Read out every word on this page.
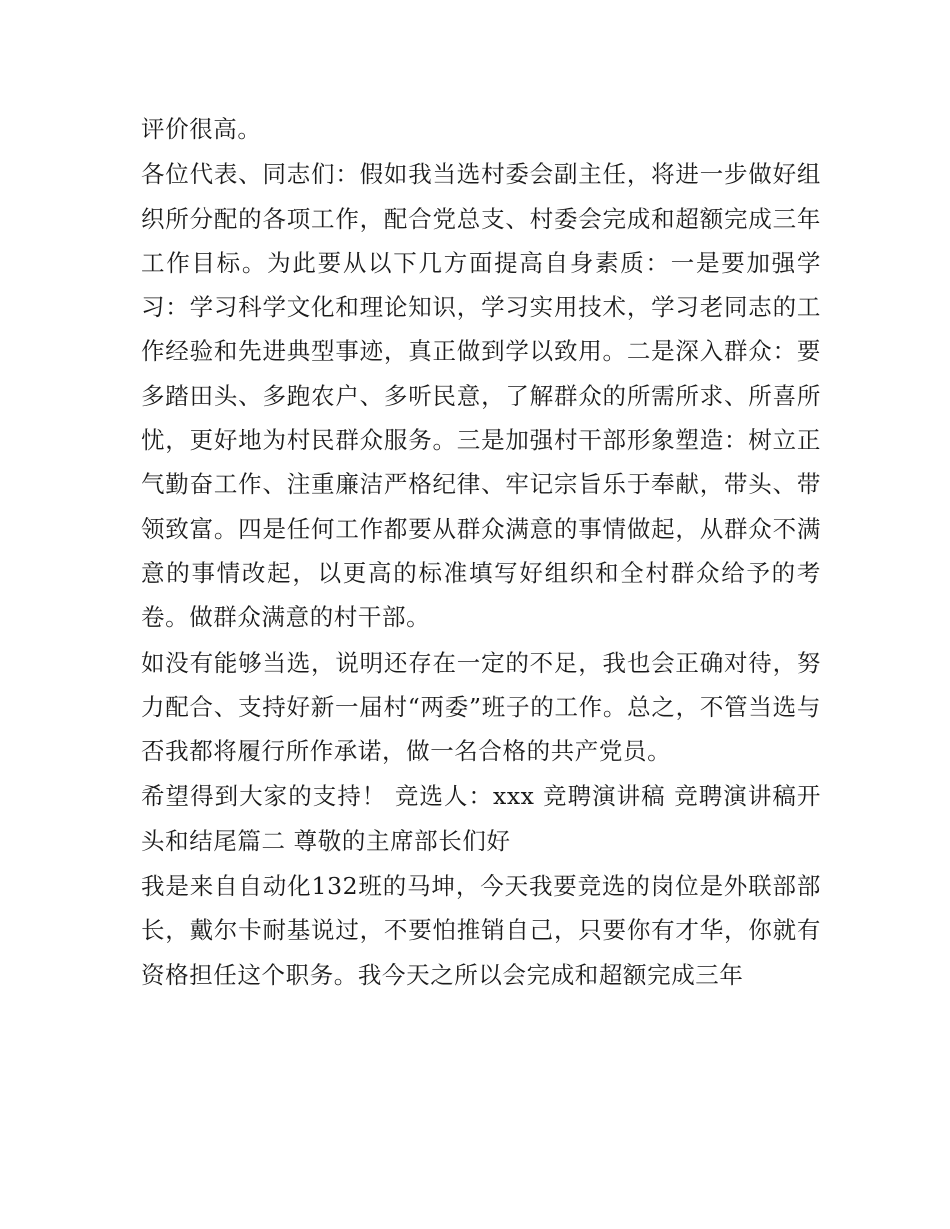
评价很高。

各位代表、同志们：假如我当选村委会副主任，将进一步做好组织所分配的各项工作，配合党总支、村委会完成和超额完成三年工作目标。为此要从以下几方面提高自身素质：一是要加强学习：学习科学文化和理论知识，学习实用技术，学习老同志的工作经验和先进典型事迹，真正做到学以致用。二是深入群众：要多踏田头、多跑农户、多听民意，了解群众的所需所求、所喜所忧，更好地为村民群众服务。三是加强村干部形象塑造：树立正气勤奋工作、注重廉洁严格纪律、牢记宗旨乐于奉献，带头、带领致富。四是任何工作都要从群众满意的事情做起，从群众不满意的事情改起，以更高的标准填写好组织和全村群众给予的考卷。做群众满意的村干部。

如没有能够当选，说明还存在一定的不足，我也会正确对待，努力配合、支持好新一届村“两委”班子的工作。总之，不管当选与否我都将履行所作承诺，做一名合格的共产党员。

希望得到大家的支持！ 竞选人：xxx 竞聘演讲稿 竞聘演讲稿开头和结尾篇二 尊敬的主席部长们好

我是来自自动化132班的马坤，今天我要竞选的岗位是外联部部长，戴尔卡耐基说过，不要怕推销自己，只要你有才华，你就有资格担任这个职务。我今天之所以会完成和超额完成三年
